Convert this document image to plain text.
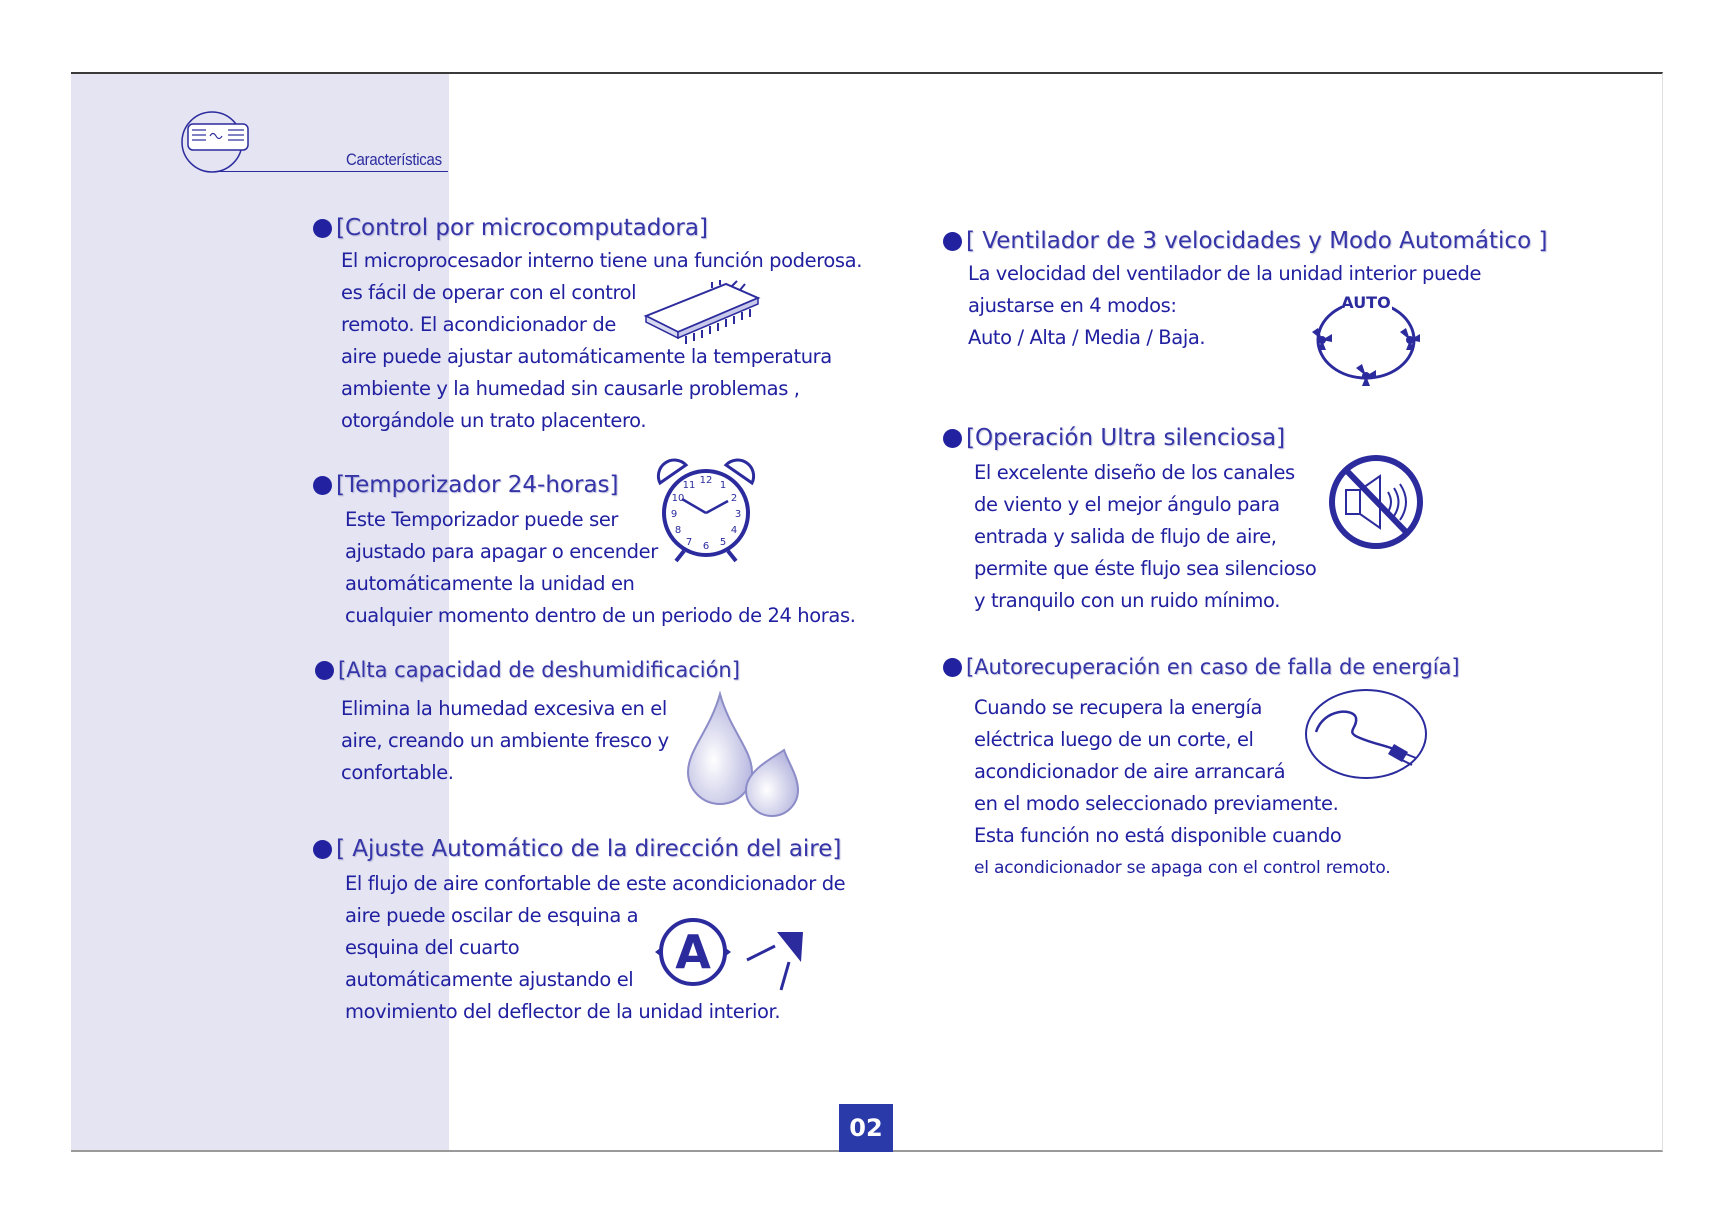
Características
[Control por microcomputadora]
El microprocesador interno tiene una función poderosa.
es fácil de operar con el control
remoto. El acondicionador de
aire puede ajustar automáticamente la temperatura
ambiente y la humedad sin causarle problemas ,
otorgándole un trato placentero.
[Temporizador 24-horas]
Este Temporizador puede ser
ajustado para apagar o encender
automáticamente la unidad en
cualquier momento dentro de un periodo de 24 horas.
12 1
2
3
4
5
6
7
8
9
10
11
[Alta capacidad de deshumidificación]
Elimina la humedad excesiva en el
aire, creando un ambiente fresco y
confortable.
[ Ajuste Automático de la dirección del aire]
El flujo de aire confortable de este acondicionador de
aire puede oscilar de esquina a
esquina del cuarto
automáticamente ajustando el
movimiento del deflector de la unidad interior.
A
[ Ventilador de 3 velocidades y Modo Automático ]
La velocidad del ventilador de la unidad interior puede
ajustarse en 4 modos:
Auto / Alta / Media / Baja.
AUTO
[Operación Ultra silenciosa]
El excelente diseño de los canales
de viento y el mejor ángulo para
entrada y salida de flujo de aire,
permite que éste flujo sea silencioso
y tranquilo con un ruido mínimo.
[Autorecuperación en caso de falla de energía]
Cuando se recupera la energía
eléctrica luego de un corte, el
acondicionador de aire arrancará
en el modo seleccionado previamente.
Esta función no está disponible cuando
el acondicionador se apaga con el control remoto.
02
